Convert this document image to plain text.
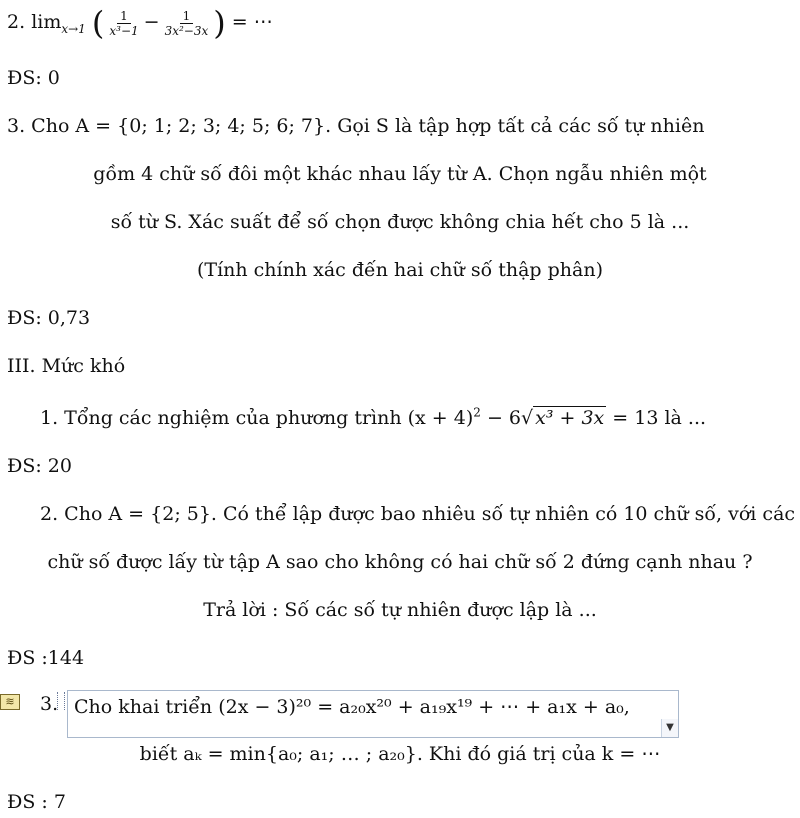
2. $\lim_{x\to 1}$ ( $\frac{1}{\text{x³−1}} - \frac{1}{\text{3x²−3x}}$ ) = ⋯
ĐS: 0
3. Cho A = {0; 1; 2; 3; 4; 5; 6; 7}. Gọi S là tập hợp tất cả các số tự nhiên
gồm 4 chữ số đôi một khác nhau lấy từ A. Chọn ngẫu nhiên một
số từ S. Xác suất để số chọn được không chia hết cho 5 là ...
(Tính chính xác đến hai chữ số thập phân)
ĐS: 0,73
III. Mức khó
1. Tổng các nghiệm của phương trình $(x + 4)^2 - 6√$ x³ + 3x = 13 là ...
ĐS: 20
2. Cho A = {2; 5}. Có thể lập được bao nhiêu số tự nhiên có 10 chữ số, với các
chữ số được lấy từ tập A sao cho không có hai chữ số 2 đứng cạnh nhau ?
Trả lời : Số các số tự nhiên được lập là ...
ĐS :144
≋ 3. Cho khai triển (2x − 3)²⁰ = a₂₀x²⁰ + a₁₉x¹⁹ + ⋯ + a₁x + a₀,
▼
biết aₖ = min{a₀; a₁; … ; a₂₀}. Khi đó giá trị của k = ⋯
ĐS : 7
